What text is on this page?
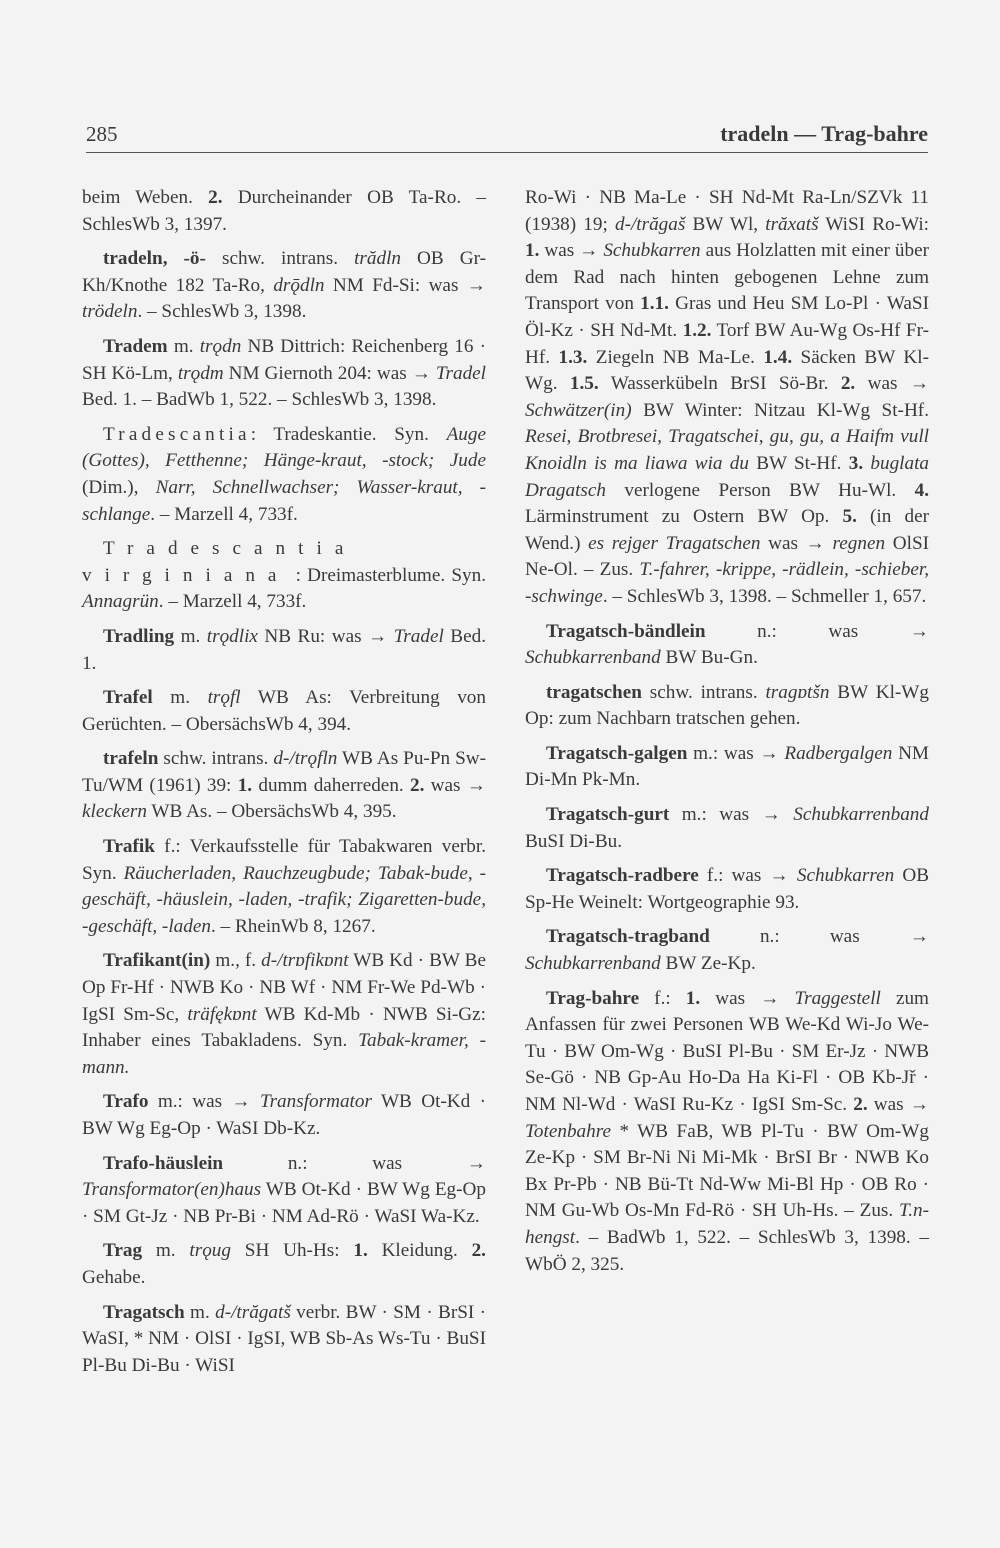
285	tradeln — Trag-bahre

beim Weben. 2. Durcheinander OB Ta-Ro. – SchlesWb 3, 1397.

tradeln, -ö- schw. intrans. trădln OB Gr-Kh/Knothe 182 Ta-Ro, drǭdln NM Fd-Si: was → trödeln. – SchlesWb 3, 1398.

Tradem m. trǫdn NB Dittrich: Reichenberg 16 · SH Kö-Lm, trǫdm NM Giernoth 204: was → Tradel Bed. 1. – BadWb 1, 522. – SchlesWb 3, 1398.

Tradescantia: Tradeskantie. Syn. Auge (Gottes), Fetthenne; Hänge-kraut, -stock; Jude (Dim.), Narr, Schnellwachser; Wasser-kraut, -schlange. – Marzell 4, 733f.

Tradescantia virginiana : Dreimasterblume. Syn. Annagrün. – Marzell 4, 733f.

Tradling m. trǫdlix NB Ru: was → Tradel Bed. 1.

Trafel m. trǫfl WB As: Verbreitung von Gerüchten. – ObersächsWb 4, 394.

trafeln schw. intrans. d-/trǫfln WB As Pu-Pn Sw-Tu/WM (1961) 39: 1. dumm daherreden. 2. was → kleckern WB As. – ObersächsWb 4, 395.

Trafik f.: Verkaufsstelle für Tabakwaren verbr. Syn. Räucherladen, Rauchzeugbude; Tabak-bude, -geschäft, -häuslein, -laden, -trafik; Zigaretten-bude, -geschäft, -laden. – RheinWb 8, 1267.

Trafikant(in) m., f. d-/trɒfikɒnt WB Kd · BW Be Op Fr-Hf · NWB Ko · NB Wf · NM Fr-We Pd-Wb · IgSI Sm-Sc, träfękɒnt WB Kd-Mb · NWB Si-Gz: Inhaber eines Tabakladens. Syn. Tabak-kramer, -mann.

Trafo m.: was → Transformator WB Ot-Kd · BW Wg Eg-Op · WaSI Db-Kz.

Trafo-häuslein n.: was → Transformator(en)haus WB Ot-Kd · BW Wg Eg-Op · SM Gt-Jz · NB Pr-Bi · NM Ad-Rö · WaSI Wa-Kz.

Trag m. trǫug SH Uh-Hs: 1. Kleidung. 2. Gehabe.

Tragatsch m. d-/trăgatš verbr. BW · SM · BrSI · WaSI, * NM · OlSI · IgSI, WB Sb-As Ws-Tu · BuSI Pl-Bu Di-Bu · WiSI

Ro-Wi · NB Ma-Le · SH Nd-Mt Ra-Ln/SZVk 11 (1938) 19; d-/trăgaš BW Wl, trăxatš WiSI Ro-Wi: 1. was → Schubkarren aus Holzlatten mit einer über dem Rad nach hinten gebogenen Lehne zum Transport von 1.1. Gras und Heu SM Lo-Pl · WaSI Öl-Kz · SH Nd-Mt. 1.2. Torf BW Au-Wg Os-Hf Fr-Hf. 1.3. Ziegeln NB Ma-Le. 1.4. Säcken BW Kl-Wg. 1.5. Wasserkübeln BrSI Sö-Br. 2. was → Schwätzer(in) BW Winter: Nitzau Kl-Wg St-Hf. Resei, Brotbresei, Tragatschei, gu, gu, a Haifm vull Knoidln is ma liawa wia du BW St-Hf. 3. buglata Dragatsch verlogene Person BW Hu-Wl. 4. Lärminstrument zu Ostern BW Op. 5. (in der Wend.) es rejger Tragatschen was → regnen OlSI Ne-Ol. – Zus. T.-fahrer, -krippe, -rädlein, -schieber, -schwinge. – SchlesWb 3, 1398. – Schmeller 1, 657.

Tragatsch-bändlein n.: was → Schubkarrenband BW Bu-Gn.

tragatschen schw. intrans. tragɒtšn BW Kl-Wg Op: zum Nachbarn tratschen gehen.

Tragatsch-galgen m.: was → Radbergalgen NM Di-Mn Pk-Mn.

Tragatsch-gurt m.: was → Schubkarrenband BuSI Di-Bu.

Tragatsch-radbere f.: was → Schubkarren OB Sp-He Weinelt: Wortgeographie 93.

Tragatsch-tragband n.: was → Schubkarrenband BW Ze-Kp.

Trag-bahre f.: 1. was → Traggestell zum Anfassen für zwei Personen WB We-Kd Wi-Jo We-Tu · BW Om-Wg · BuSI Pl-Bu · SM Er-Jz · NWB Se-Gö · NB Gp-Au Ho-Da Ha Ki-Fl · OB Kb-Jř · NM Nl-Wd · WaSI Ru-Kz · IgSI Sm-Sc. 2. was → Totenbahre * WB FaB, WB Pl-Tu · BW Om-Wg Ze-Kp · SM Br-Ni Ni Mi-Mk · BrSI Br · NWB Ko Bx Pr-Pb · NB Bü-Tt Nd-Ww Mi-Bl Hp · OB Ro · NM Gu-Wb Os-Mn Fd-Rö · SH Uh-Hs. – Zus. T.n-hengst. – BadWb 1, 522. – SchlesWb 3, 1398. – WbÖ 2, 325.
